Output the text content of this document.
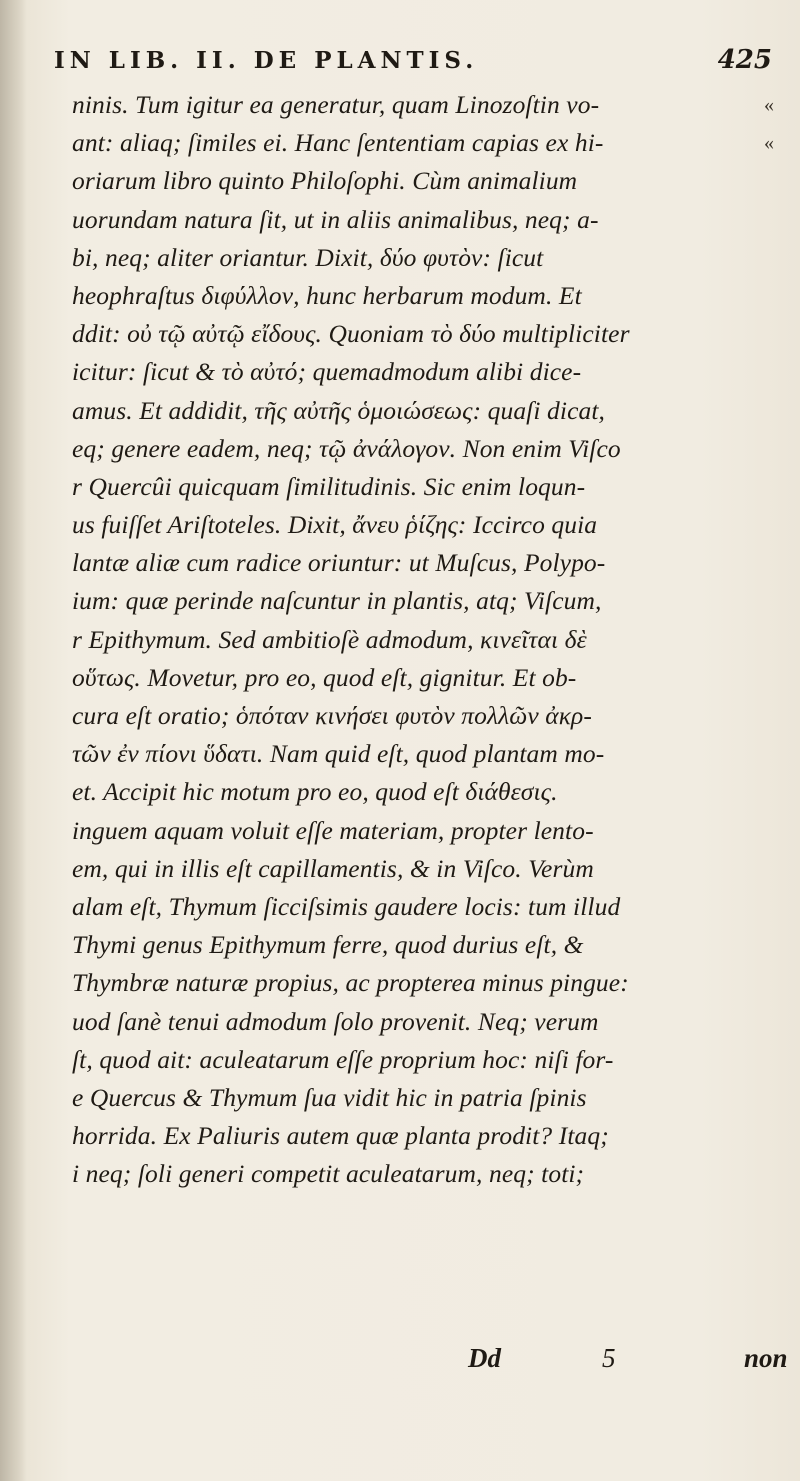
IN LIB. II. DE PLANTIS.	425
ninis. Tum igitur ea generatur, quam Linozoſtin vo-
ant: aliaq; ſimiles ei. Hanc ſententiam capias ex hi-
oriarum libro quinto Philoſophi. Cùm animalium
uorundam natura ſit, ut in aliis animalibus, neq; a-
bi, neq; aliter oriantur. Dixit, δύο φυτὸν: ſicut
heophraſtus διφύλλον, hunc herbarum modum. Et
ddit: οὐ τῷ αὐτῷ εἴδους. Quoniam τὸ δύο multipliciter
icitur: ſicut & τὸ αὐτό; quemadmodum alibi dice-
amus. Et addidit, τῆς αὐτῆς ὁμοιώσεως: quaſi dicat,
eq; genere eadem, neq; τῷ ἀνάλογον. Non enim Viſco
r Quercûi quicquam ſimilitudinis. Sic enim loqun-
us fuiſſet Ariſtoteles. Dixit, ἄνευ ῥίζης: Iccirco quia
lantæ aliæ cum radice oriuntur: ut Muſcus, Polypo-
ium: quæ perinde naſcuntur in plantis, atq; Viſcum,
r Epithymum. Sed ambitioſè admodum, κινεῖται δὲ
οὕτως. Movetur, pro eo, quod eſt, gignitur. Et ob-
cura eſt oratio; ὁπόταν κινήσει φυτὸν πολλῶν ἀκρ-
τῶν ἐν πίονι ὕδατι. Nam quid eſt, quod plantam mo-
et. Accipit hic motum pro eo, quod eſt διάθεσις.
inguem aquam voluit eſſe materiam, propter lento-
em, qui in illis eſt capillamentis, & in Viſco. Verùm
alam eſt, Thymum ſicciſsimis gaudere locis: tum illud
Thymi genus Epithymum ferre, quod durius eſt, &
Thymbræ naturæ propius, ac propterea minus pingue:
uod ſanè tenui admodum ſolo provenit. Neq; verum
ſt, quod ait: aculeatarum eſſe proprium hoc: niſi for-
e Quercus & Thymum ſua vidit hic in patria ſpinis
horrida. Ex Paliuris autem quæ planta prodit? Itaq;
i neq; ſoli generi competit aculeatarum, neq; toti;
«
«
Dd	5	non
